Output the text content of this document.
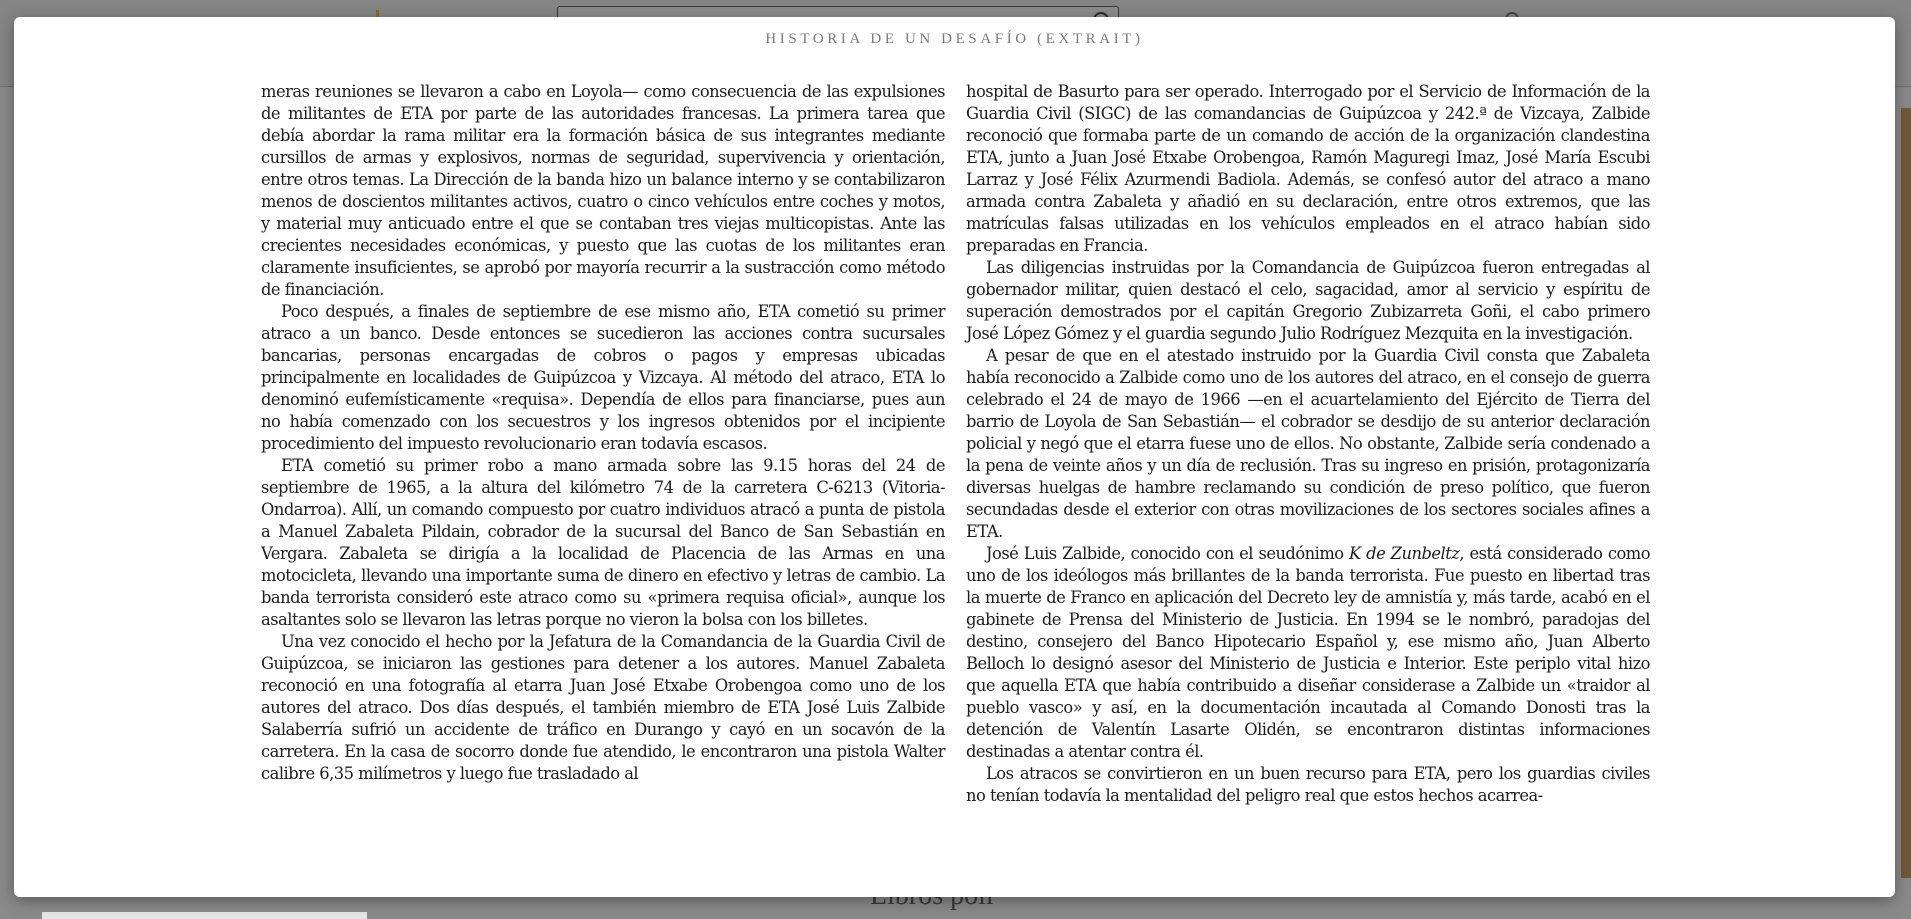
HISTORIA DE UN DESAFÍO (EXTRAIT)

meras reuniones se llevaron a cabo en Loyola— como consecuencia de las expulsiones de militantes de ETA por parte de las autoridades francesas. La primera tarea que debía abordar la rama militar era la formación básica de sus integrantes mediante cursillos de armas y explosivos, normas de seguridad, supervivencia y orientación, entre otros temas. La Dirección de la banda hizo un balance interno y se contabilizaron menos de doscientos militantes activos, cuatro o cinco vehículos entre coches y motos, y material muy anticuado entre el que se contaban tres viejas multicopistas. Ante las crecientes necesidades económicas, y puesto que las cuotas de los militantes eran claramente insuficientes, se aprobó por mayoría recurrir a la sustracción como método de financiación.

Poco después, a finales de septiembre de ese mismo año, ETA cometió su primer atraco a un banco. Desde entonces se sucedieron las acciones contra sucursales bancarias, personas encargadas de cobros o pagos y empresas ubicadas principalmente en localidades de Guipúzcoa y Vizcaya. Al método del atraco, ETA lo denominó eufemísticamente «requisa». Dependía de ellos para financiarse, pues aun no había comenzado con los secuestros y los ingresos obtenidos por el incipiente procedimiento del impuesto revolucionario eran todavía escasos.

ETA cometió su primer robo a mano armada sobre las 9.15 horas del 24 de septiembre de 1965, a la altura del kilómetro 74 de la carretera C-6213 (Vitoria-Ondarroa). Allí, un comando compuesto por cuatro individuos atracó a punta de pistola a Manuel Zabaleta Pildain, cobrador de la sucursal del Banco de San Sebastián en Vergara. Zabaleta se dirigía a la localidad de Placencia de las Armas en una motocicleta, llevando una importante suma de dinero en efectivo y letras de cambio. La banda terrorista consideró este atraco como su «primera requisa oficial», aunque los asaltantes solo se llevaron las letras porque no vieron la bolsa con los billetes.

Una vez conocido el hecho por la Jefatura de la Comandancia de la Guardia Civil de Guipúzcoa, se iniciaron las gestiones para detener a los autores. Manuel Zabaleta reconoció en una fotografía al etarra Juan José Etxabe Orobengoa como uno de los autores del atraco. Dos días después, el también miembro de ETA José Luis Zalbide Salaberría sufrió un accidente de tráfico en Durango y cayó en un socavón de la carretera. En la casa de socorro donde fue atendido, le encontraron una pistola Walter calibre 6,35 milímetros y luego fue trasladado al

hospital de Basurto para ser operado. Interrogado por el Servicio de Información de la Guardia Civil (SIGC) de las comandancias de Guipúzcoa y 242.ª de Vizcaya, Zalbide reconoció que formaba parte de un comando de acción de la organización clandestina ETA, junto a Juan José Etxabe Orobengoa, Ramón Maguregi Imaz, José María Escubi Larraz y José Félix Azurmendi Badiola. Además, se confesó autor del atraco a mano armada contra Zabaleta y añadió en su declaración, entre otros extremos, que las matrículas falsas utilizadas en los vehículos empleados en el atraco habían sido preparadas en Francia.

Las diligencias instruidas por la Comandancia de Guipúzcoa fueron entregadas al gobernador militar, quien destacó el celo, sagacidad, amor al servicio y espíritu de superación demostrados por el capitán Gregorio Zubizarreta Goñi, el cabo primero José López Gómez y el guardia segundo Julio Rodríguez Mezquita en la investigación.

A pesar de que en el atestado instruido por la Guardia Civil consta que Zabaleta había reconocido a Zalbide como uno de los autores del atraco, en el consejo de guerra celebrado el 24 de mayo de 1966 —en el acuartelamiento del Ejército de Tierra del barrio de Loyola de San Sebastián— el cobrador se desdijo de su anterior declaración policial y negó que el etarra fuese uno de ellos. No obstante, Zalbide sería condenado a la pena de veinte años y un día de reclusión. Tras su ingreso en prisión, protagonizaría diversas huelgas de hambre reclamando su condición de preso político, que fueron secundadas desde el exterior con otras movilizaciones de los sectores sociales afines a ETA.

José Luis Zalbide, conocido con el seudónimo K de Zunbeltz, está considerado como uno de los ideólogos más brillantes de la banda terrorista. Fue puesto en libertad tras la muerte de Franco en aplicación del Decreto ley de amnistía y, más tarde, acabó en el gabinete de Prensa del Ministerio de Justicia. En 1994 se le nombró, paradojas del destino, consejero del Banco Hipotecario Español y, ese mismo año, Juan Alberto Belloch lo designó asesor del Ministerio de Justicia e Interior. Este periplo vital hizo que aquella ETA que había contribuido a diseñar considerase a Zalbide un «traidor al pueblo vasco» y así, en la documentación incautada al Comando Donosti tras la detención de Valentín Lasarte Olidén, se encontraron distintas informaciones destinadas a atentar contra él.

Los atracos se convirtieron en un buen recurso para ETA, pero los guardias civiles no tenían todavía la mentalidad del peligro real que estos hechos acarrea-
